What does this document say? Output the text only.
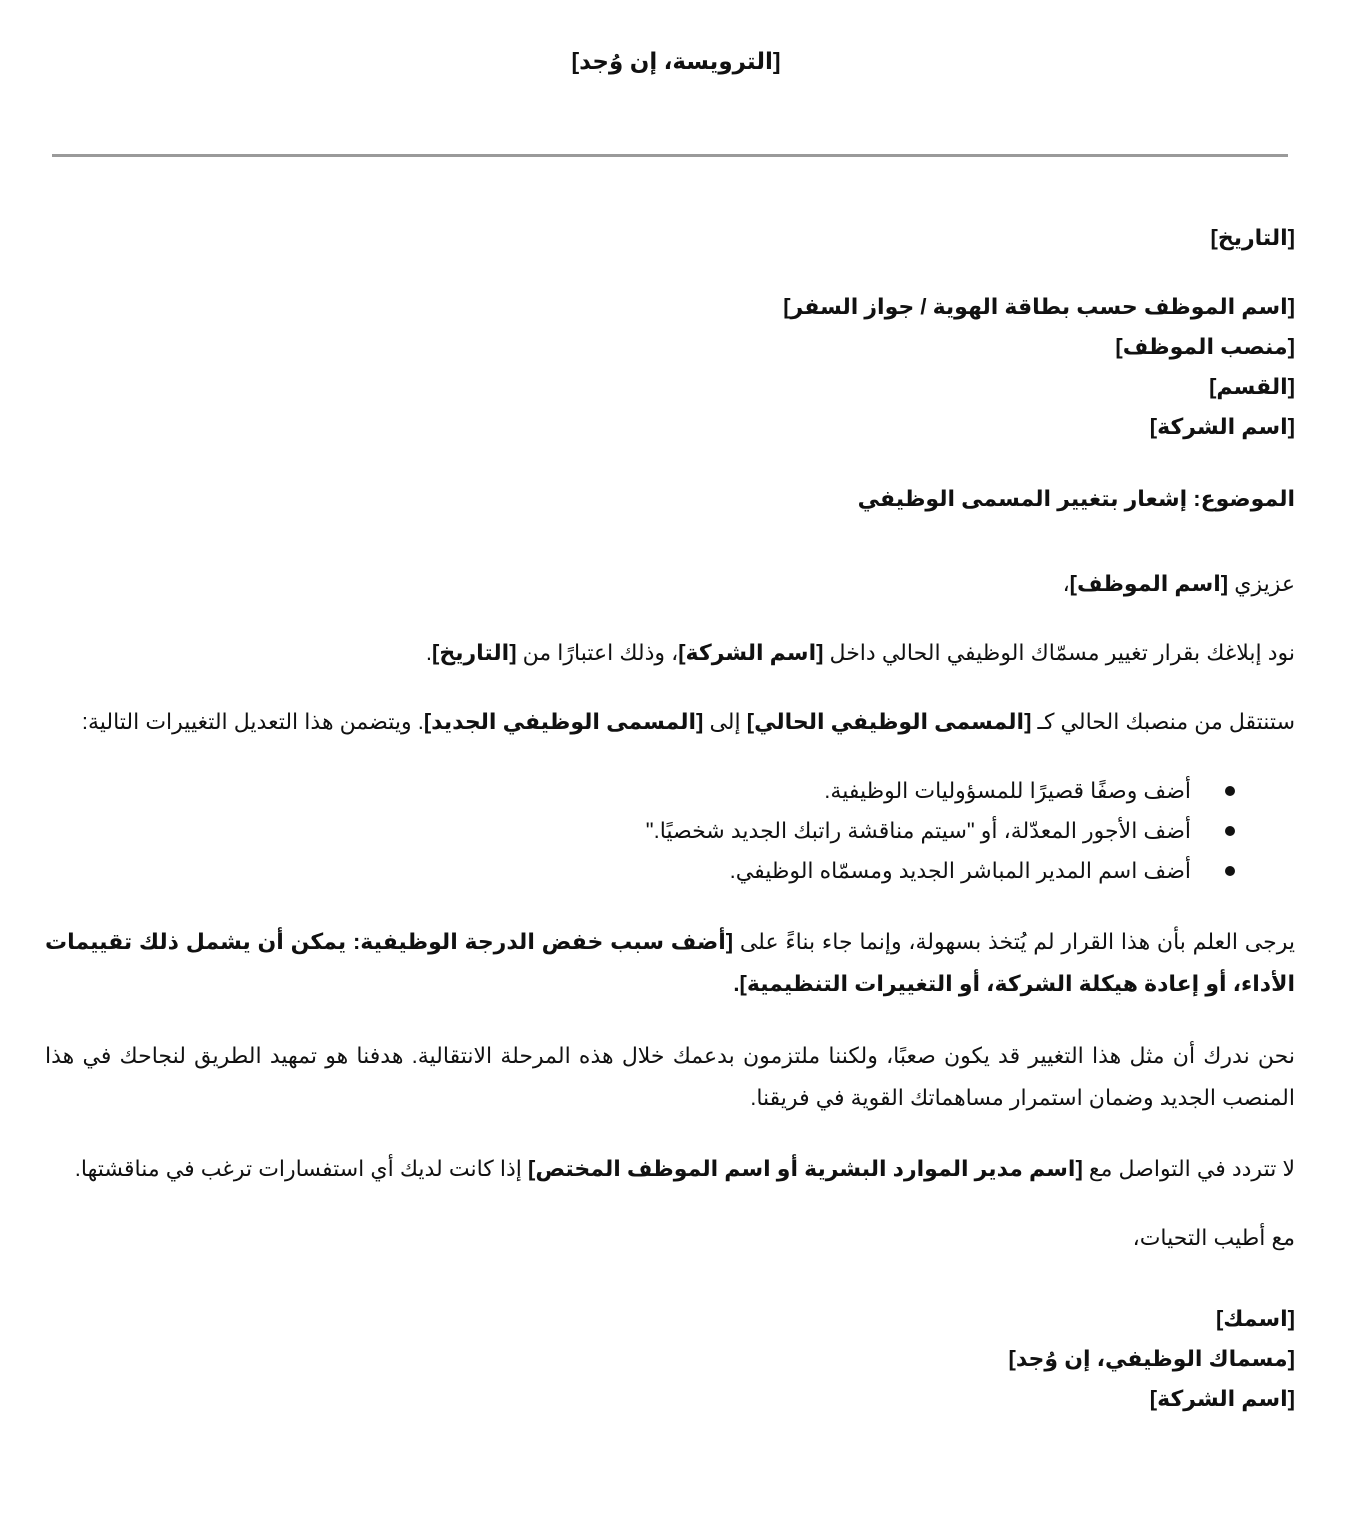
[الترويسة، إن وُجد]

[التاريخ]

[اسم الموظف حسب بطاقة الهوية / جواز السفر]
[منصب الموظف]
[القسم]
[اسم الشركة]

الموضوع: إشعار بتغيير المسمى الوظيفي

عزيزي [اسم الموظف]،

نود إبلاغك بقرار تغيير مسمّاك الوظيفي الحالي داخل [اسم الشركة]، وذلك اعتبارًا من [التاريخ].

ستنتقل من منصبك الحالي كـ [المسمى الوظيفي الحالي] إلى [المسمى الوظيفي الجديد]. ويتضمن هذا التعديل التغييرات التالية:

أضف وصفًا قصيرًا للمسؤوليات الوظيفية.
أضف الأجور المعدّلة، أو "سيتم مناقشة راتبك الجديد شخصيًا."
أضف اسم المدير المباشر الجديد ومسمّاه الوظيفي.

يرجى العلم بأن هذا القرار لم يُتخذ بسهولة، وإنما جاء بناءً على [أضف سبب خفض الدرجة الوظيفية: يمكن أن يشمل ذلك تقييمات الأداء، أو إعادة هيكلة الشركة، أو التغييرات التنظيمية].

نحن ندرك أن مثل هذا التغيير قد يكون صعبًا، ولكننا ملتزمون بدعمك خلال هذه المرحلة الانتقالية. هدفنا هو تمهيد الطريق لنجاحك في هذا المنصب الجديد وضمان استمرار مساهماتك القوية في فريقنا.

لا تتردد في التواصل مع [اسم مدير الموارد البشرية أو اسم الموظف المختص] إذا كانت لديك أي استفسارات ترغب في مناقشتها.

مع أطيب التحيات،

[اسمك]
[مسماك الوظيفي، إن وُجد]
[اسم الشركة]
